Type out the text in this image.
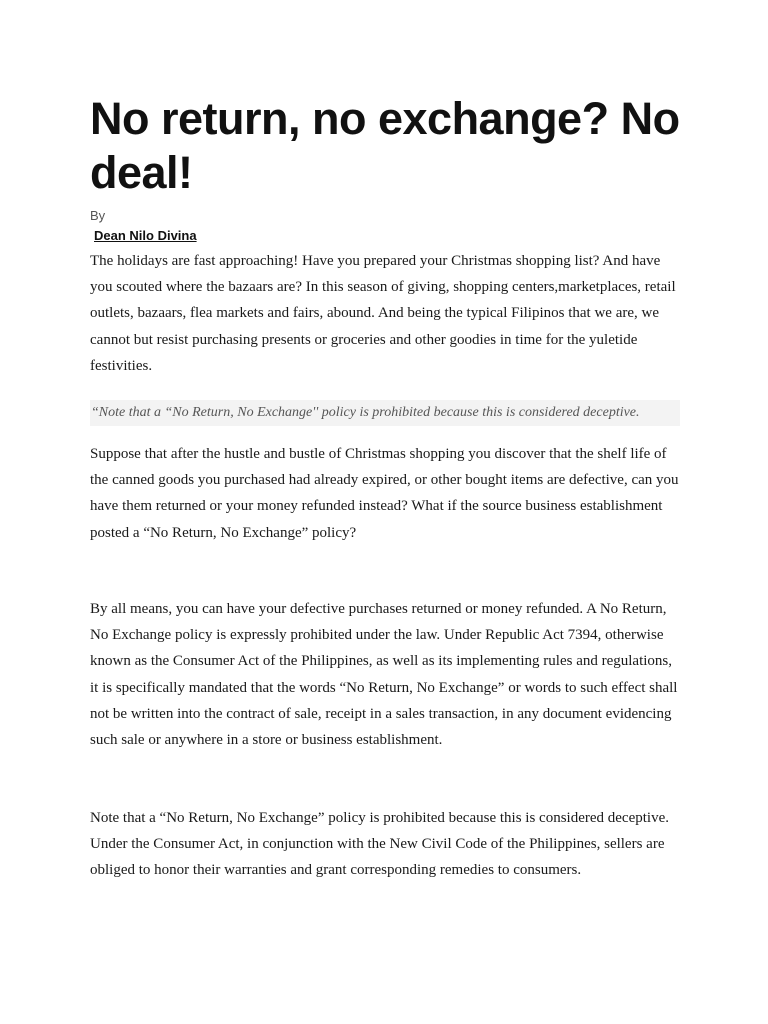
No return, no exchange? No deal!
By
Dean Nilo Divina

The holidays are fast approaching! Have you prepared your Christmas shopping list? And have you scouted where the bazaars are? In this season of giving, shopping centers,marketplaces, retail outlets, bazaars, flea markets and fairs, abound. And being the typical Filipinos that we are, we cannot but resist purchasing presents or groceries and other goodies in time for the yuletide festivities.

“Note that a “No Return, No Exchange'' policy is prohibited because this is considered deceptive.

Suppose that after the hustle and bustle of Christmas shopping you discover that the shelf life of the canned goods you purchased had already expired, or other bought items are defective, can you have them returned or your money refunded instead? What if the source business establishment posted a “No Return, No Exchange” policy?

By all means, you can have your defective purchases returned or money refunded. A No Return, No Exchange policy is expressly prohibited under the law. Under Republic Act 7394, otherwise known as the Consumer Act of the Philippines, as well as its implementing rules and regulations, it is specifically mandated that the words “No Return, No Exchange” or words to such effect shall not be written into the contract of sale, receipt in a sales transaction, in any document evidencing such sale or anywhere in a store or business establishment.

Note that a “No Return, No Exchange” policy is prohibited because this is considered deceptive. Under the Consumer Act, in conjunction with the New Civil Code of the Philippines, sellers are obliged to honor their warranties and grant corresponding remedies to consumers.
